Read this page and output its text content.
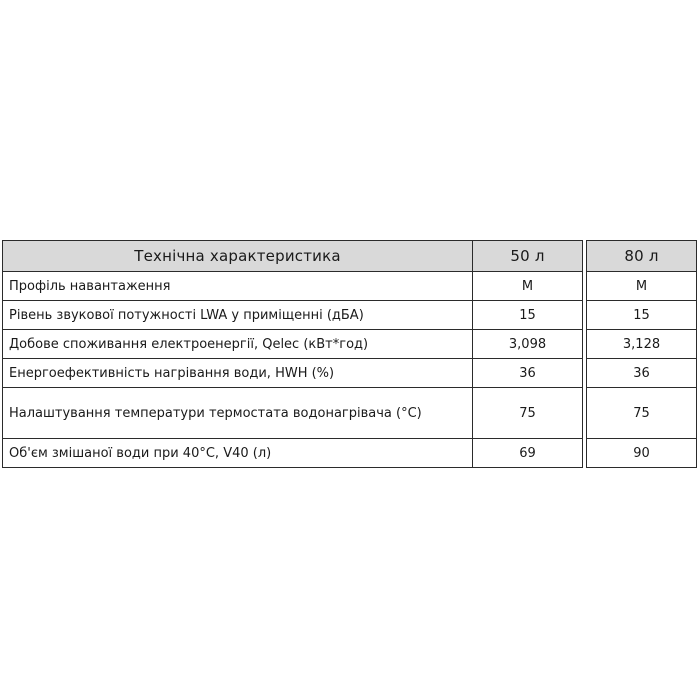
Технічна характеристика	50 л		80 л
Профіль навантаження	M		M
Рівень звукової потужності LWA у приміщенні (дБА)	15		15
Добове споживання електроенергії, Qelec (кВт*год)	3,098		3,128
Енергоефективність нагрівання води, HWH (%)	36		36
Налаштування температури термостата водонагрівача (°C)	75		75
Об'єм змішаної води при 40°C, V40 (л)	69		90
